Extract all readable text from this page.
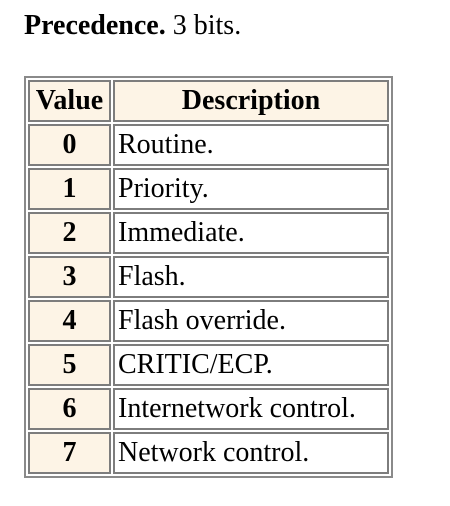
Precedence. 3 bits.
Value	Description
0	Routine.
1	Priority.
2	Immediate.
3	Flash.
4	Flash override.
5	CRITIC/ECP.
6	Internetwork control.
7	Network control.
